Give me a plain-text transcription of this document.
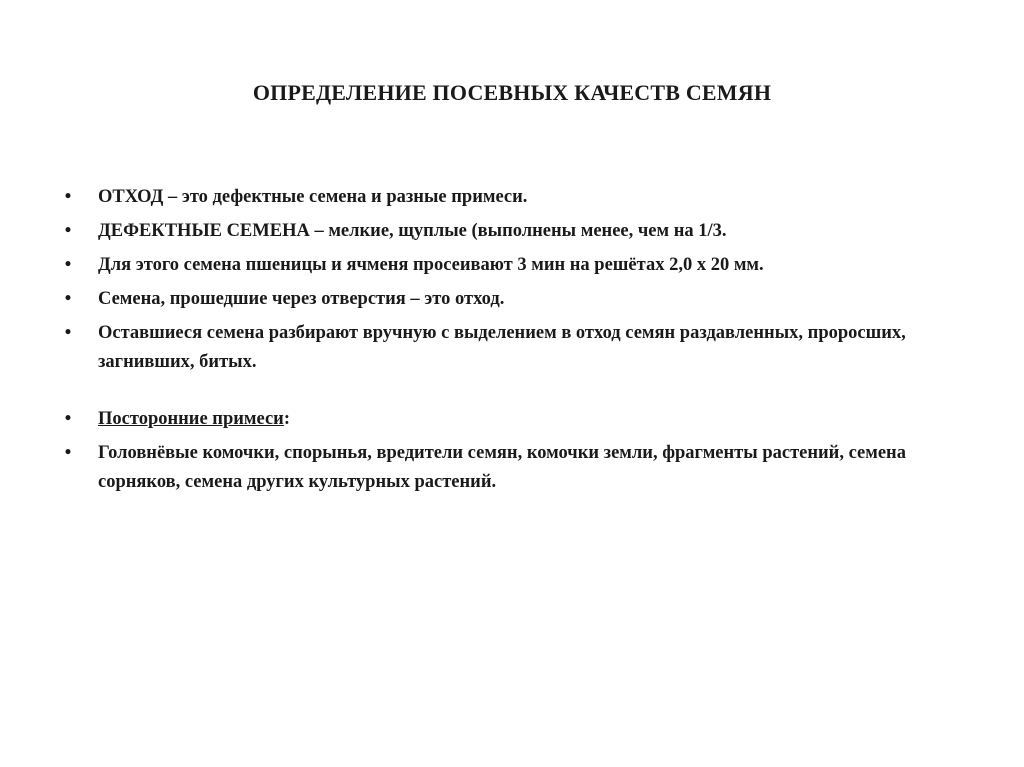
ОПРЕДЕЛЕНИЕ ПОСЕВНЫХ КАЧЕСТВ СЕМЯН
•	ОТХОД – это дефектные семена и разные примеси.
•	ДЕФЕКТНЫЕ СЕМЕНА – мелкие, щуплые (выполнены менее, чем на 1/3.
•	Для этого семена пшеницы и ячменя просеивают 3 мин на решётах 2,0 х 20 мм.
•	Семена, прошедшие через отверстия – это отход.
•	Оставшиеся семена разбирают вручную с выделением в отход семян раздавленных, проросших, загнивших, битых.
•	Посторонние примеси:
•	Головнёвые комочки, спорынья, вредители семян, комочки земли, фрагменты растений, семена сорняков, семена других культурных растений.
